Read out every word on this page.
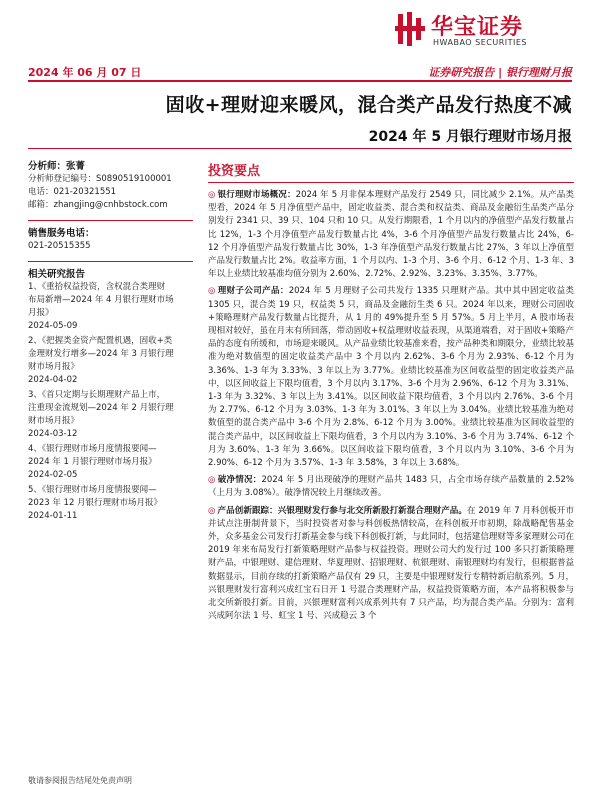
华宝证券
HWABAO SECURITIES
2024 年 06 月 07 日	证券研究报告 | 银行理财月报
固收+理财迎来暖风，混合类产品发行热度不减
2024 年 5 月银行理财市场月报
分析师：张菁
分析师登记编号：S0890519100001
电话：021-20321551
邮箱：zhangjing@cnhbstock.com
销售服务电话：
021-20515355
相关研究报告
1、《重拾权益投资，含权混合类理财
布局新增—2024 年 4 月银行理财市场
月报》
2024-05-09
2、《把握类金资产配置机遇，固收+类
金理财发行增多—2024 年 3 月银行理
财市场月报》
2024-04-02
3、《首只定期与长期理财产品上市，
注重现金流规划—2024 年 2 月银行理
财市场月报》
2024-03-12
4、《银行理财市场月度情报要闻—
2024 年 1 月银行理财市场月报》
2024-02-05
5、《银行理财市场月度情报要闻—
2023 年 12 月银行理财市场月报》
2024-01-11
投资要点

◎ 银行理财市场概况：2024 年 5 月非保本理财产品发行 2549 只，同比减少 2.1%。从产品类型看，2024 年 5 月净值型产品中，固定收益类、混合类和权益类、商品及金融衍生品类产品分别发行 2341 只、39 只、104 只和 10 只。从发行期限看，1 个月以内的净值型产品发行数量占比 12%，1-3 个月净值型产品发行数量占比 4%，3-6 个月净值型产品发行数量占比 24%，6-12 个月净值型产品发行数量占比 30%，1-3 年净值型产品发行数量占比 27%，3 年以上净值型产品发行数量占比 2%。收益率方面，1 个月以内、1-3 个月、3-6 个月、6-12 个月、1-3 年、3 年以上业绩比较基准均值分别为 2.60%、2.72%、2.92%、3.23%、3.35%、3.77%。

◎ 理财子公司产品：2024 年 5 月理财子公司共发行 1335 只理财产品。其中其中固定收益类 1305 只，混合类 19 只，权益类 5 只，商品及金融衍生类 6 只。2024 年以来，理财公司固收+策略理财产品发行数量占比提升，从 1 月的 49%提升至 5 月 57%。5 月上半月，A 股市场表现相对较好，虽在月末有所回落，带动固收+权益理财收益表现，从渠道端看，对于固收+策略产品的态度有所缓和，市场迎来暖风。从产品业绩比较基准来看，按产品种类和期限分，业绩比较基准为绝对数值型的固定收益类产品中 3 个月以内 2.62%、3-6 个月为 2.93%、6-12 个月为 3.36%、1-3 年为 3.33%、3 年以上为 3.77%。业绩比较基准为区间收益型的固定收益类产品中，以区间收益上下限均值看，3 个月以内 3.17%、3-6 个月为 2.96%、6-12 个月为 3.31%、1-3 年为 3.32%、3 年以上为 3.41%。以区间收益下限均值看，3 个月以内 2.76%、3-6 个月为 2.77%、6-12 个月为 3.03%、1-3 年为 3.01%、3 年以上为 3.04%。业绩比较基准为绝对数值型的混合类产品中 3-6 个月为 2.8%、6-12 个月为 3.00%。业绩比较基准为区间收益型的混合类产品中，以区间收益上下限均值看，3 个月以内为 3.10%、3-6 个月为 3.74%、6-12 个月为 3.60%、1-3 年为 3.66%。以区间收益下限均值看，3 个月以内为 3.10%、3-6 个月为 2.90%、6-12 个月为 3.57%、1-3 年 3.58%，3 年以上 3.68%。

◎ 破净情况：2024 年 5 月出现破净的理财产品共 1483 只，占全市场存续产品数量的 2.52%（上月为 3.08%）。破净情况较上月继续改善。

◎ 产品创新跟踪：兴银理财发行参与北交所新股打新混合理财产品。在 2019 年 7 月科创板开市并试点注册制背景下，当时投资者对参与科创板热情较高，在科创板开市初期，除战略配售基金外，众多基金公司发行打新基金参与线下科创板打新，与此同时，包括建信理财等多家理财公司在 2019 年来布局发行打新策略理财产品参与权益投资。理财公司大约发行过 100 多只打新策略理财产品，中银理财、建信理财、华夏理财、招银理财、杭银理财、南银理财均有发行，但根据普益数据显示，目前存续的打新策略产品仅有 29 只，主要是中银理财发行专精特新启航系列。5 月，兴银理财发行富利兴成红宝石日开 1 号混合类理财产品，权益投资策略方面，本产品将积极参与北交所新股打新。目前，兴银理财富利兴成系列共有 7 只产品，均为混合类产品。分别为：富利兴成阿尔法 1 号、虹宝 1 号、兴成稳云 3 个

敬请参阅报告结尾处免责声明
